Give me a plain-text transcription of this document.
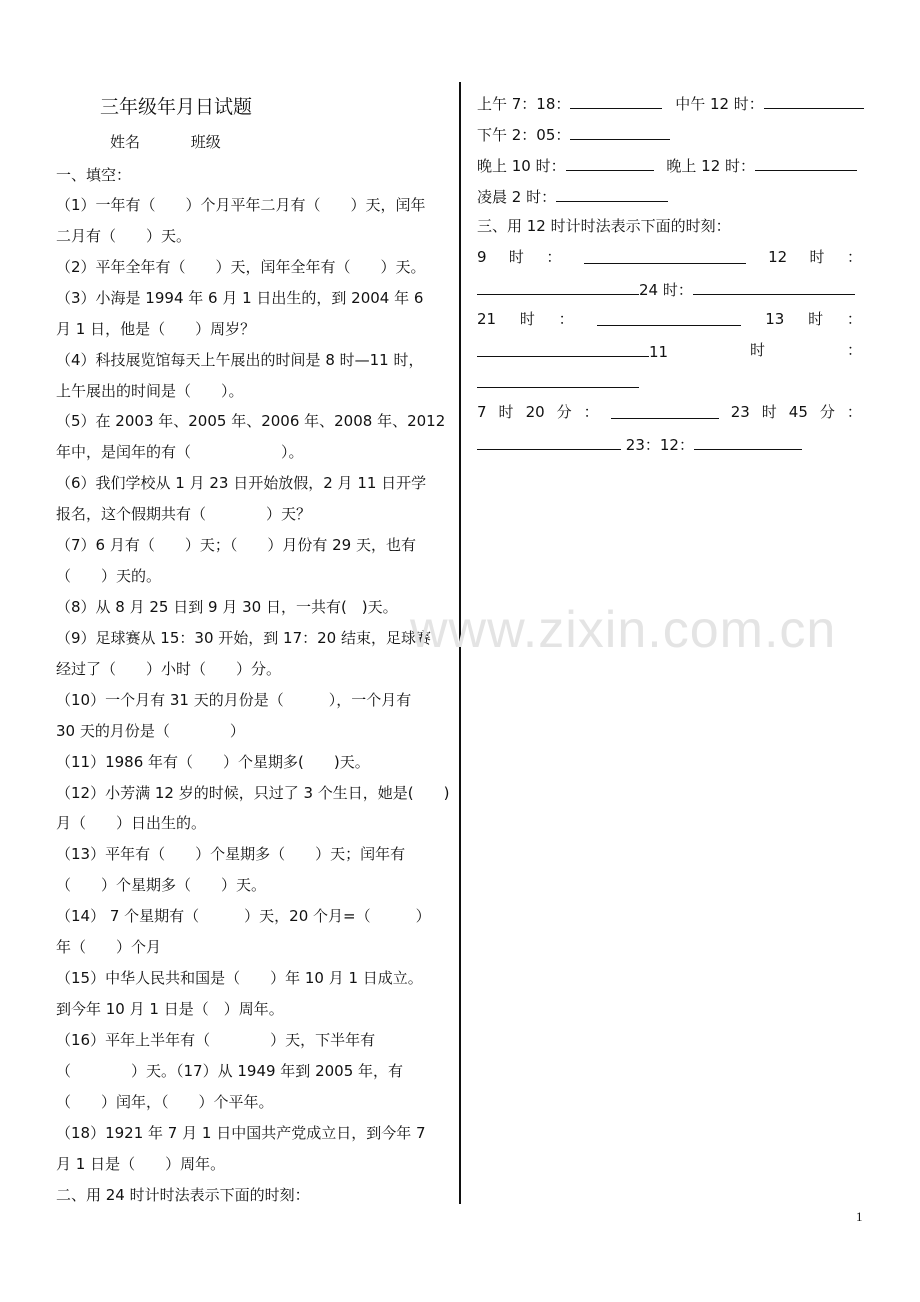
三年级年月日试题
姓名	班级
一、填空：
（1）一年有（　　）个月平年二月有（　　）天，闰年
二月有（　　）天。
（2）平年全年有（　　）天，闰年全年有（　　）天。
（3）小海是 1994 年 6 月 1 日出生的，到 2004 年 6
月 1 日，他是（　　）周岁？
（4）科技展览馆每天上午展出的时间是 8 时—11 时，
上午展出的时间是（　　）。
（5）在 2003 年、2005 年、2006 年、2008 年、2012
年中，是闰年的有（　　　　　　）。
（6）我们学校从 1 月 23 日开始放假，2 月 11 日开学
报名，这个假期共有（　　　　）天？
（7）6 月有（　　）天；（　　）月份有 29 天，也有
（　　）天的。
（8）从 8 月 25 日到 9 月 30 日，一共有(　)天。
（9）足球赛从 15：30 开始，到 17：20 结束，足球赛
经过了（　　）小时（　　）分。
（10）一个月有 31 天的月份是（　　　），一个月有
30 天的月份是（　　　　）
（11）1986 年有（　　）个星期多(　　)天。
（12）小芳满 12 岁的时候，只过了 3 个生日，她是(　　)
月（　　）日出生的。
（13）平年有（　　）个星期多（　　）天；闰年有
（　　）个星期多（　　）天。
（14） 7 个星期有（　　　）天，20 个月=（　　　）
年（　　）个月
（15）中华人民共和国是（　　）年 10 月 1 日成立。
到今年 10 月 1 日是（　）周年。
（16）平年上半年有（　　　　）天，下半年有
（　　　　）天。（17）从 1949 年到 2005 年，有
（　　）闰年，（　　）个平年。
（18）1921 年 7 月 1 日中国共产党成立日，到今年 7
月 1 日是（　　）周年。
二、用 24 时计时法表示下面的时刻：
上午 7：18：	中午 12 时：
下午 2：05：
晚上 10 时：	晚上 12 时：
凌晨 2 时：
三、用 12 时计时法表示下面的时刻：
9 时 ：	12 时 ：
24 时：
21 时 ：	13 时 ：
11	时	：
7 时 20 分 ：	23 时 45 分 ：
23：12：
www.zixin.com.cn
1
